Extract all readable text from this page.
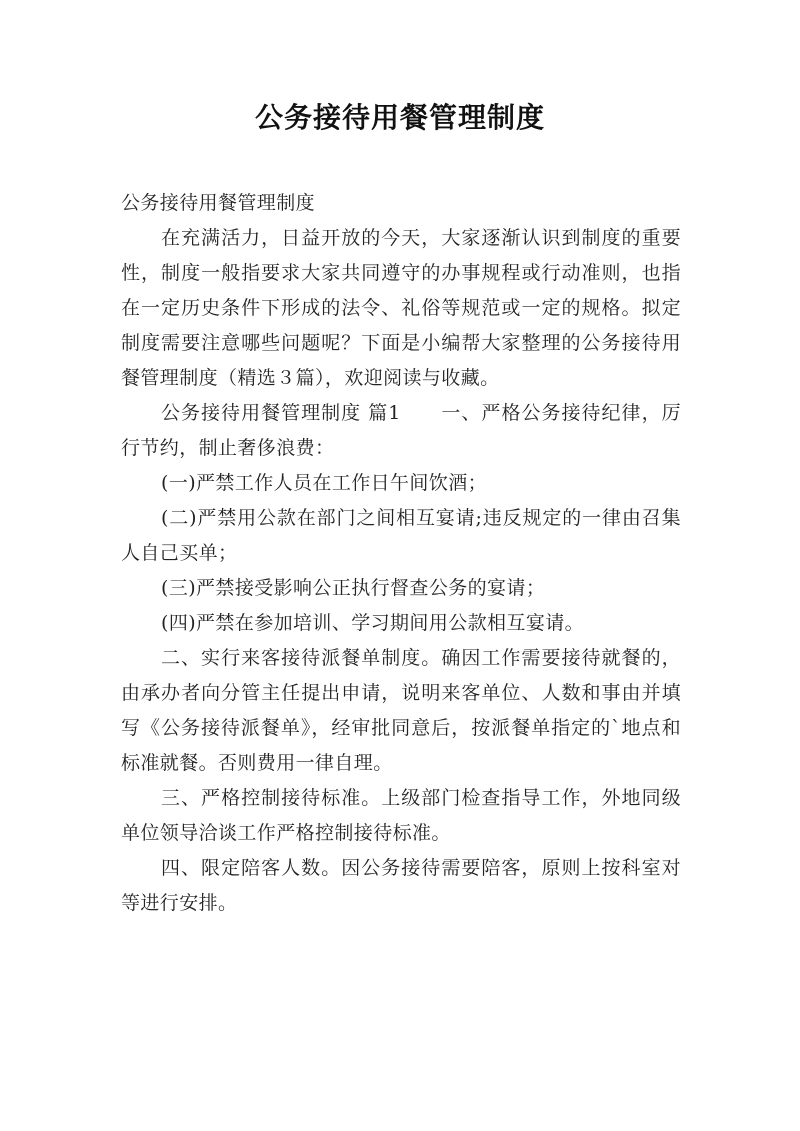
公务接待用餐管理制度

公务接待用餐管理制度

在充满活力，日益开放的今天，大家逐渐认识到制度的重要性，制度一般指要求大家共同遵守的办事规程或行动准则，也指在一定历史条件下形成的法令、礼俗等规范或一定的规格。拟定制度需要注意哪些问题呢？下面是小编帮大家整理的公务接待用餐管理制度（精选３篇），欢迎阅读与收藏。

公务接待用餐管理制度 篇1　　一、严格公务接待纪律，厉行节约，制止奢侈浪费：

(一)严禁工作人员在工作日午间饮酒；

(二)严禁用公款在部门之间相互宴请;违反规定的一律由召集人自己买单；

(三)严禁接受影响公正执行督查公务的宴请；

(四)严禁在参加培训、学习期间用公款相互宴请。

二、实行来客接待派餐单制度。确因工作需要接待就餐的，由承办者向分管主任提出申请，说明来客单位、人数和事由并填写《公务接待派餐单》，经审批同意后，按派餐单指定的`地点和标准就餐。否则费用一律自理。

三、严格控制接待标准。上级部门检查指导工作，外地同级单位领导洽谈工作严格控制接待标准。

四、限定陪客人数。因公务接待需要陪客，原则上按科室对等进行安排。
